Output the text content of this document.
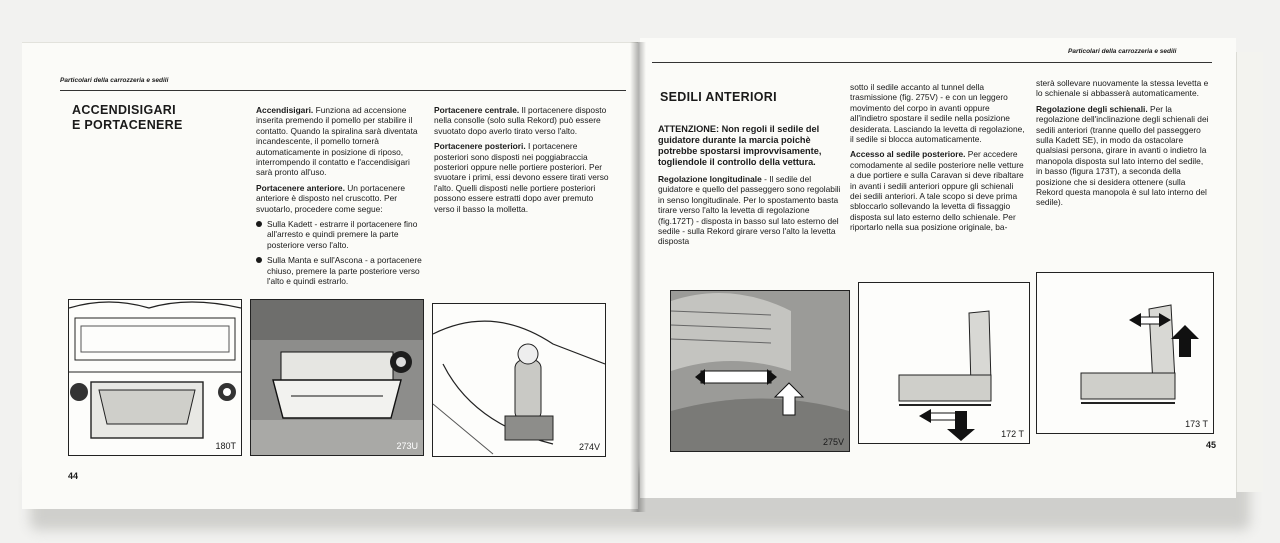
Particolari della carrozzeria e sedili
ACCENDISIGARI
E PORTACENERE

Accendisigari. Funziona ad accensione inserita premendo il pomello per stabilire il contatto. Quando la spiralina sarà diventata incandescente, il pomello tornerà automaticamente in posizione di riposo, interrompendo il contatto e l'accendisigari sarà pronto all'uso.

Portacenere anteriore. Un portacenere anteriore è disposto nel cruscotto. Per svuotarlo, procedere come segue:

Sulla Kadett - estrarre il portacenere fino all'arresto e quindi premere la parte posteriore verso l'alto.
Sulla Manta e sull'Ascona - a portacenere chiuso, premere la parte posteriore verso l'alto e quindi estrarlo.

Portacenere centrale. Il portacenere disposto nella consolle (solo sulla Rekord) può essere svuotato dopo averlo tirato verso l'alto.

Portacenere posteriori. I portacenere posteriori sono disposti nei poggiabraccia posteriori oppure nelle portiere posteriori. Per svuotare i primi, essi devono essere tirati verso l'alto. Quelli disposti nelle portiere posteriori possono essere estratti dopo aver premuto verso il basso la molletta.

180T	273U	274V
44
Particolari della carrozzeria e sedili
SEDILI ANTERIORI
ATTENZIONE: Non regoli il sedile del guidatore durante la marcia poichè potrebbe spostarsi improvvisamente, togliendole il controllo della vettura.

Regolazione longitudinale - Il sedile del guidatore e quello del passeggero sono regolabili in senso longitudinale. Per lo spostamento basta tirare verso l'alto la levetta di regolazione (fig.172T) - disposta in basso sul lato esterno del sedile - sulla Rekord girare verso l'alto la levetta disposta

sotto il sedile accanto al tunnel della trasmissione (fig. 275V) - e con un leggero movimento del corpo in avanti oppure all'indietro spostare il sedile nella posizione desiderata. Lasciando la levetta di regolazione, il sedile si blocca automaticamente.

Accesso al sedile posteriore. Per accedere comodamente al sedile posteriore nelle vetture a due portiere e sulla Caravan si deve ribaltare in avanti i sedili anteriori oppure gli schienali dei sedili anteriori. A tale scopo si deve prima sbloccarlo sollevando la levetta di fissaggio disposta sul lato esterno dello schienale. Per riportarlo nella sua posizione originale, ba-

sterà sollevare nuovamente la stessa levetta e lo schienale si abbasserà automaticamente.

Regolazione degli schienali. Per la regolazione dell'inclinazione degli schienali dei sedili anteriori (tranne quello del passeggero sulla Kadett SE), in modo da ostacolare qualsiasi persona, girare in avanti o indietro la manopola disposta sul lato interno del sedile, in basso (figura 173T), a seconda della posizione che si desidera ottenere (sulla Rekord questa manopola è sul lato interno del sedile).

275V
172 T
173 T
45
